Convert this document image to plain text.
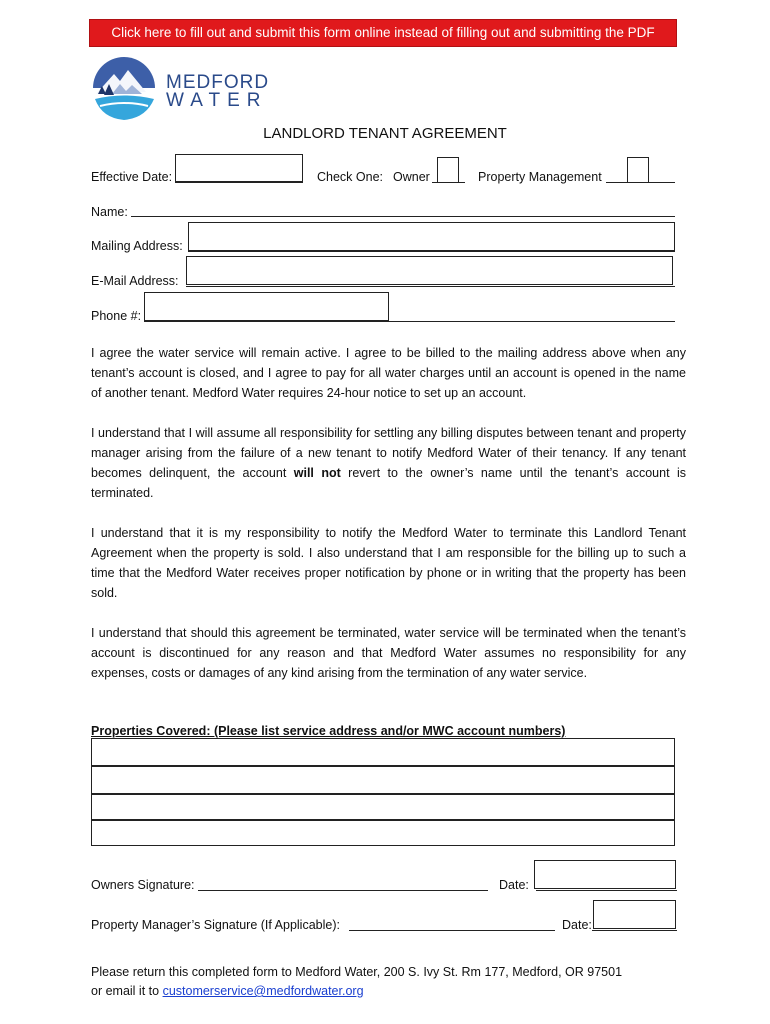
Click here to fill out and submit this form online instead of filling out and submitting the PDF
MEDFORD
WATER
LANDLORD TENANT AGREEMENT
Effective Date:	Check One: Owner	Property Management
Name:
Mailing Address:
E-Mail Address:
Phone #:
I agree the water service will remain active. I agree to be billed to the mailing address above when any tenant’s account is closed, and I agree to pay for all water charges until an account is opened in the name of another tenant. Medford Water requires 24-hour notice to set up an account.
I understand that I will assume all responsibility for settling any billing disputes between tenant and property manager arising from the failure of a new tenant to notify Medford Water of their tenancy. If any tenant becomes delinquent, the account will not revert to the owner’s name until the tenant’s account is terminated.
I understand that it is my responsibility to notify the Medford Water to terminate this Landlord Tenant Agreement when the property is sold. I also understand that I am responsible for the billing up to such a time that the Medford Water receives proper notification by phone or in writing that the property has been sold.
I understand that should this agreement be terminated, water service will be terminated when the tenant’s account is discontinued for any reason and that Medford Water assumes no responsibility for any expenses, costs or damages of any kind arising from the termination of any water service.
Properties Covered: (Please list service address and/or MWC account numbers)
Owners Signature:	Date:
Property Manager’s Signature (If Applicable):	Date:
Please return this completed form to Medford Water, 200 S. Ivy St. Rm 177, Medford, OR 97501
or email it to customerservice@medfordwater.org
